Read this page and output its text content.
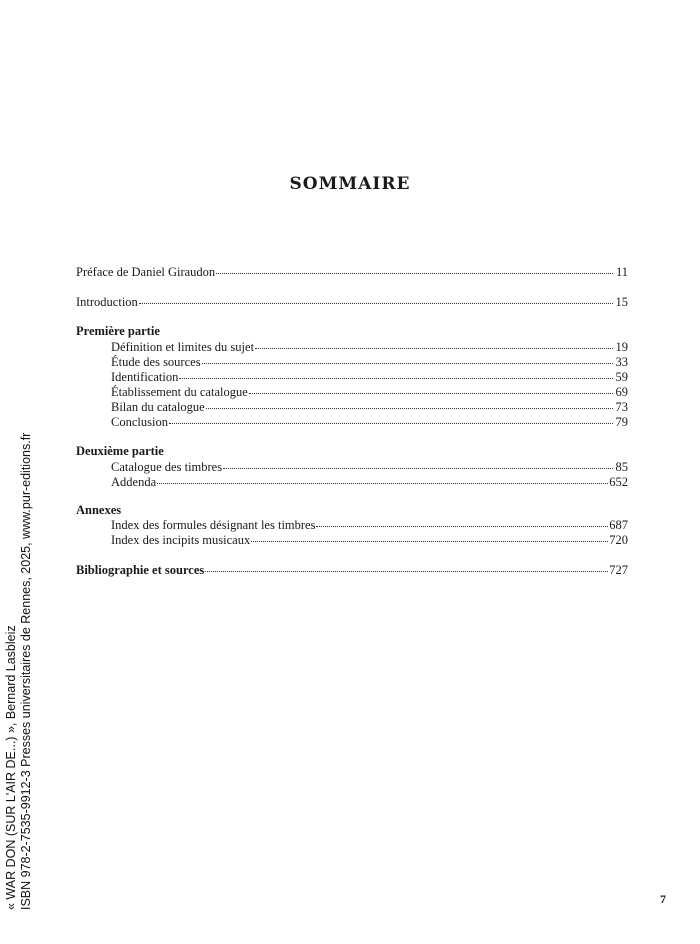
SOMMAIRE
Préface de Daniel Giraudon	11
Introduction	15
Première partie
Définition et limites du sujet	19
Étude des sources	33
Identification	59
Établissement du catalogue	69
Bilan du catalogue	73
Conclusion	79
Deuxième partie
Catalogue des timbres	85
Addenda	652
Annexes
Index des formules désignant les timbres	687
Index des incipits musicaux	720
Bibliographie et sources	727
« WAR DON (SUR L'AIR DE...) », Bernard Lasbleiz ISBN 978-2-7535-9912-3 Presses universitaires de Rennes, 2025, www.pur-editions.fr	7
